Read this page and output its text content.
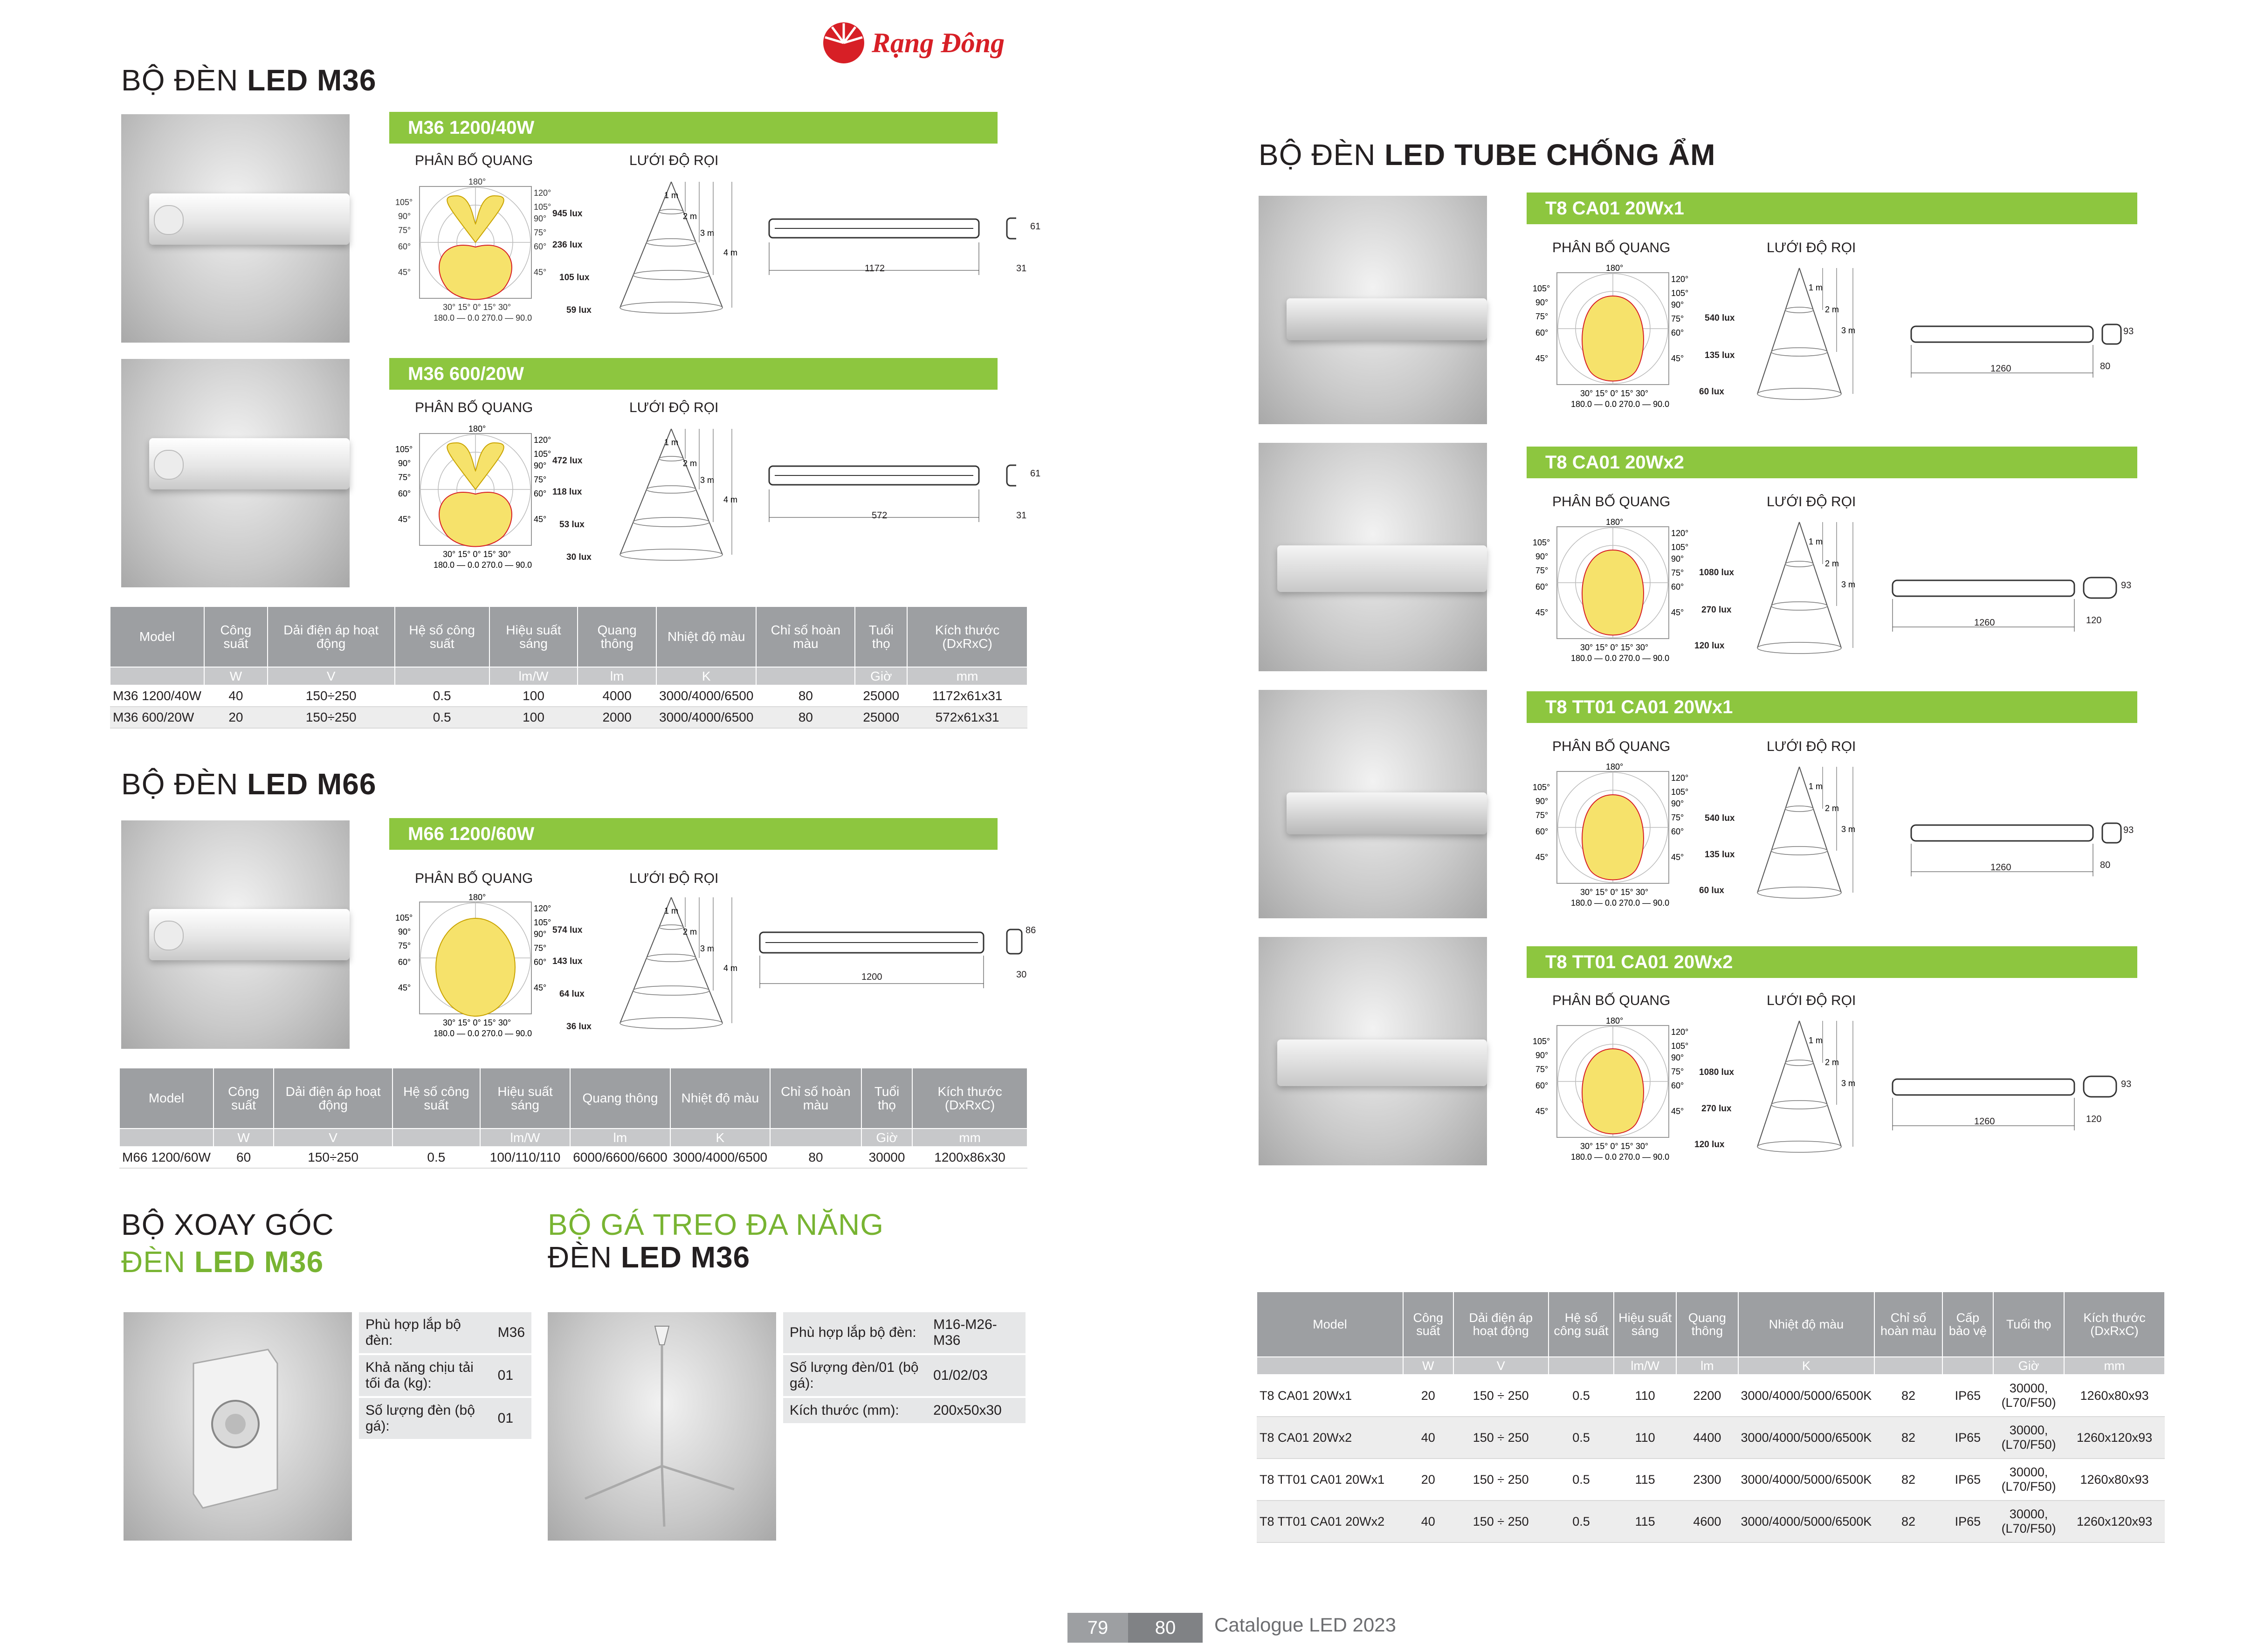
Rạng Đông
BỘ ĐÈN LED M36
M36 1200/40W
PHÂN BỐ QUANG	LƯỚI ĐỘ RỌI
105°
90°
75°
60°
45°
120°
105°
90°
75°
60°
45°
180°
30° 15° 0° 15° 30°
180.0 — 0.0 270.0 — 90.0
1 m
2 m
3 m
4 m
945 lux
236 lux
105 lux
59 lux
1172
61
31
M36 600/20W
PHÂN BỐ QUANG	LƯỚI ĐỘ RỌI
105°
90°
75°
60°
45°
120°
105°
90°
75°
60°
45°
180°
30° 15° 0° 15° 30°
180.0 — 0.0 270.0 — 90.0
1 m
2 m
3 m
4 m
472 lux
118 lux
53 lux
30 lux
572
61
31
Model	Công suất	Dải điện áp hoạt động	Hệ số công suất	Hiệu suất sáng	Quang thông	Nhiệt độ màu	Chỉ số hoàn màu	Tuổi thọ	Kích thước (DxRxC)
	W	V		lm/W	lm	K		Giờ	mm
M36 1200/40W	40	150÷250	0.5	100	4000	3000/4000/6500	80	25000	1172x61x31
M36 600/20W	20	150÷250	0.5	100	2000	3000/4000/6500	80	25000	572x61x31
BỘ ĐÈN LED M66
M66 1200/60W
PHÂN BỐ QUANG	LƯỚI ĐỘ RỌI
105°
90°
75°
60°
45°
120°
105°
90°
75°
60°
45°
180°
30° 15° 0° 15° 30°
180.0 — 0.0 270.0 — 90.0
1 m
2 m
3 m
4 m
574 lux
143 lux
64 lux
36 lux
1200
86
30
Model	Công suất	Dải điện áp hoạt động	Hệ số công suất	Hiệu suất sáng	Quang thông	Nhiệt độ màu	Chỉ số hoàn màu	Tuổi thọ	Kích thước (DxRxC)
	W	V		lm/W	lm	K		Giờ	mm
M66 1200/60W	60	150÷250	0.5	100/110/110	6000/6600/6600	3000/4000/6500	80	30000	1200x86x30
BỘ XOAY GÓC
ĐÈN LED M36
Phù hợp lắp bộ đèn:	M36
Khả năng chịu tải tối đa (kg):	01
Số lượng đèn (bộ gá):	01
BỘ GÁ TREO ĐA NĂNG
ĐÈN LED M36
Phù hợp lắp bộ đèn:	M16-M26-M36
Số lượng đèn/01 (bộ gá):	01/02/03
Kích thước (mm):	200x50x30
BỘ ĐÈN LED TUBE CHỐNG ẨM
T8 CA01 20Wx1
PHÂN BỐ QUANG	LƯỚI ĐỘ RỌI
105°
90°
75°
60°
45°
120°
105°
90°
75°
60°
45°
180°
30° 15° 0° 15° 30°
180.0 — 0.0 270.0 — 90.0
1 m
2 m
3 m
540 lux
135 lux
60 lux
1260
93
80
T8 CA01 20Wx2
PHÂN BỐ QUANG	LƯỚI ĐỘ RỌI
105°
90°
75°
60°
45°
120°
105°
90°
75°
60°
45°
180°
30° 15° 0° 15° 30°
180.0 — 0.0 270.0 — 90.0
1 m
2 m
3 m
1080 lux
270 lux
120 lux
1260
93
120
T8 TT01 CA01 20Wx1
PHÂN BỐ QUANG	LƯỚI ĐỘ RỌI
105°
90°
75°
60°
45°
120°
105°
90°
75°
60°
45°
180°
30° 15° 0° 15° 30°
180.0 — 0.0 270.0 — 90.0
1 m
2 m
3 m
540 lux
135 lux
60 lux
1260
93
80
T8 TT01 CA01 20Wx2
PHÂN BỐ QUANG	LƯỚI ĐỘ RỌI
105°
90°
75°
60°
45°
120°
105°
90°
75°
60°
45°
180°
30° 15° 0° 15° 30°
180.0 — 0.0 270.0 — 90.0
1 m
2 m
3 m
1080 lux
270 lux
120 lux
1260
93
120
Model	Công suất	Dải điện áp hoạt động	Hệ số công suất	Hiệu suất sáng	Quang thông	Nhiệt độ màu	Chỉ số hoàn màu	Cấp bảo vệ	Tuổi thọ	Kích thước (DxRxC)
	W	V		lm/W	lm	K			Giờ	mm
T8 CA01 20Wx1	20	150 ÷ 250	0.5	110	2200	3000/4000/5000/6500K	82	IP65	30000,(L70/F50)	1260x80x93
T8 CA01 20Wx2	40	150 ÷ 250	0.5	110	4400	3000/4000/5000/6500K	82	IP65	30000,(L70/F50)	1260x120x93
T8 TT01 CA01 20Wx1	20	150 ÷ 250	0.5	115	2300	3000/4000/5000/6500K	82	IP65	30000,(L70/F50)	1260x80x93
T8 TT01 CA01 20Wx2	40	150 ÷ 250	0.5	115	4600	3000/4000/5000/6500K	82	IP65	30000,(L70/F50)	1260x120x93
79	80	Catalogue LED 2023
